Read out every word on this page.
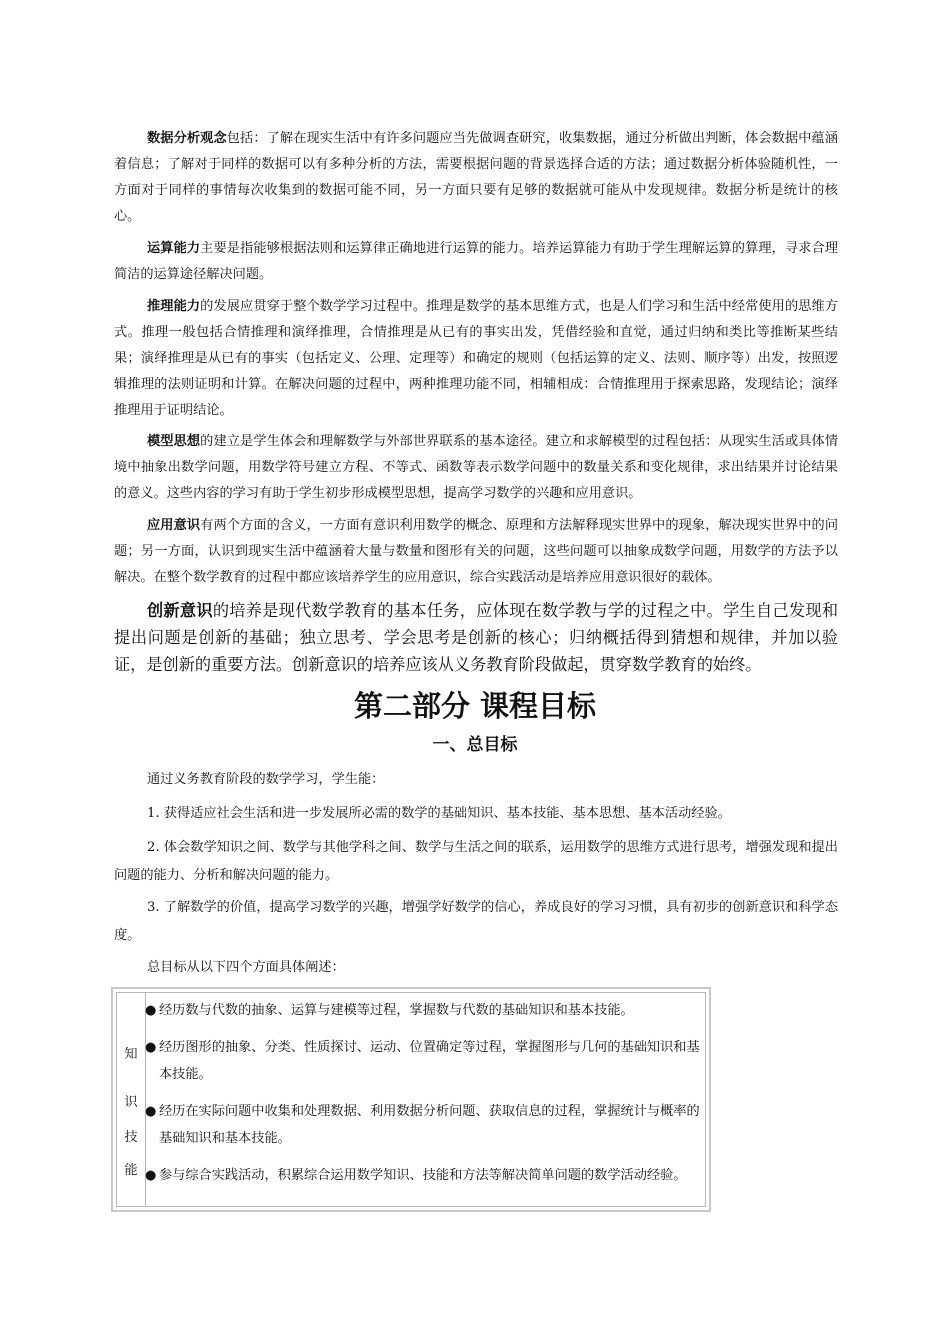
数据分析观念包括：了解在现实生活中有许多问题应当先做调查研究，收集数据，通过分析做出判断，体会数据中蕴涵着信息；了解对于同样的数据可以有多种分析的方法，需要根据问题的背景选择合适的方法；通过数据分析体验随机性，一方面对于同样的事情每次收集到的数据可能不同，另一方面只要有足够的数据就可能从中发现规律。数据分析是统计的核心。

运算能力主要是指能够根据法则和运算律正确地进行运算的能力。培养运算能力有助于学生理解运算的算理，寻求合理简洁的运算途径解决问题。

推理能力的发展应贯穿于整个数学学习过程中。推理是数学的基本思维方式，也是人们学习和生活中经常使用的思维方式。推理一般包括合情推理和演绎推理，合情推理是从已有的事实出发，凭借经验和直觉，通过归纳和类比等推断某些结果；演绎推理是从已有的事实（包括定义、公理、定理等）和确定的规则（包括运算的定义、法则、顺序等）出发，按照逻辑推理的法则证明和计算。在解决问题的过程中，两种推理功能不同，相辅相成：合情推理用于探索思路，发现结论；演绎推理用于证明结论。

模型思想的建立是学生体会和理解数学与外部世界联系的基本途径。建立和求解模型的过程包括：从现实生活或具体情境中抽象出数学问题，用数学符号建立方程、不等式、函数等表示数学问题中的数量关系和变化规律，求出结果并讨论结果的意义。这些内容的学习有助于学生初步形成模型思想，提高学习数学的兴趣和应用意识。

应用意识有两个方面的含义，一方面有意识利用数学的概念、原理和方法解释现实世界中的现象，解决现实世界中的问题；另一方面，认识到现实生活中蕴涵着大量与数量和图形有关的问题，这些问题可以抽象成数学问题，用数学的方法予以解决。在整个数学教育的过程中都应该培养学生的应用意识，综合实践活动是培养应用意识很好的载体。

创新意识的培养是现代数学教育的基本任务，应体现在数学教与学的过程之中。学生自己发现和提出问题是创新的基础；独立思考、学会思考是创新的核心；归纳概括得到猜想和规律，并加以验证，是创新的重要方法。创新意识的培养应该从义务教育阶段做起，贯穿数学教育的始终。

第二部分 课程目标
一、总目标

通过义务教育阶段的数学学习，学生能：

1. 获得适应社会生活和进一步发展所必需的数学的基础知识、基本技能、基本思想、基本活动经验。

2. 体会数学知识之间、数学与其他学科之间、数学与生活之间的联系，运用数学的思维方式进行思考，增强发现和提出问题的能力、分析和解决问题的能力。

3. 了解数学的价值，提高学习数学的兴趣，增强学好数学的信心，养成良好的学习习惯，具有初步的创新意识和科学态度。

总目标从以下四个方面具体阐述：

知
识
技
能
● 经历数与代数的抽象、运算与建模等过程，掌握数与代数的基础知识和基本技能。
● 经历图形的抽象、分类、性质探讨、运动、位置确定等过程，掌握图形与几何的基础知识和基本技能。
● 经历在实际问题中收集和处理数据、利用数据分析问题、获取信息的过程，掌握统计与概率的基础知识和基本技能。
● 参与综合实践活动，积累综合运用数学知识、技能和方法等解决简单问题的数学活动经验。
